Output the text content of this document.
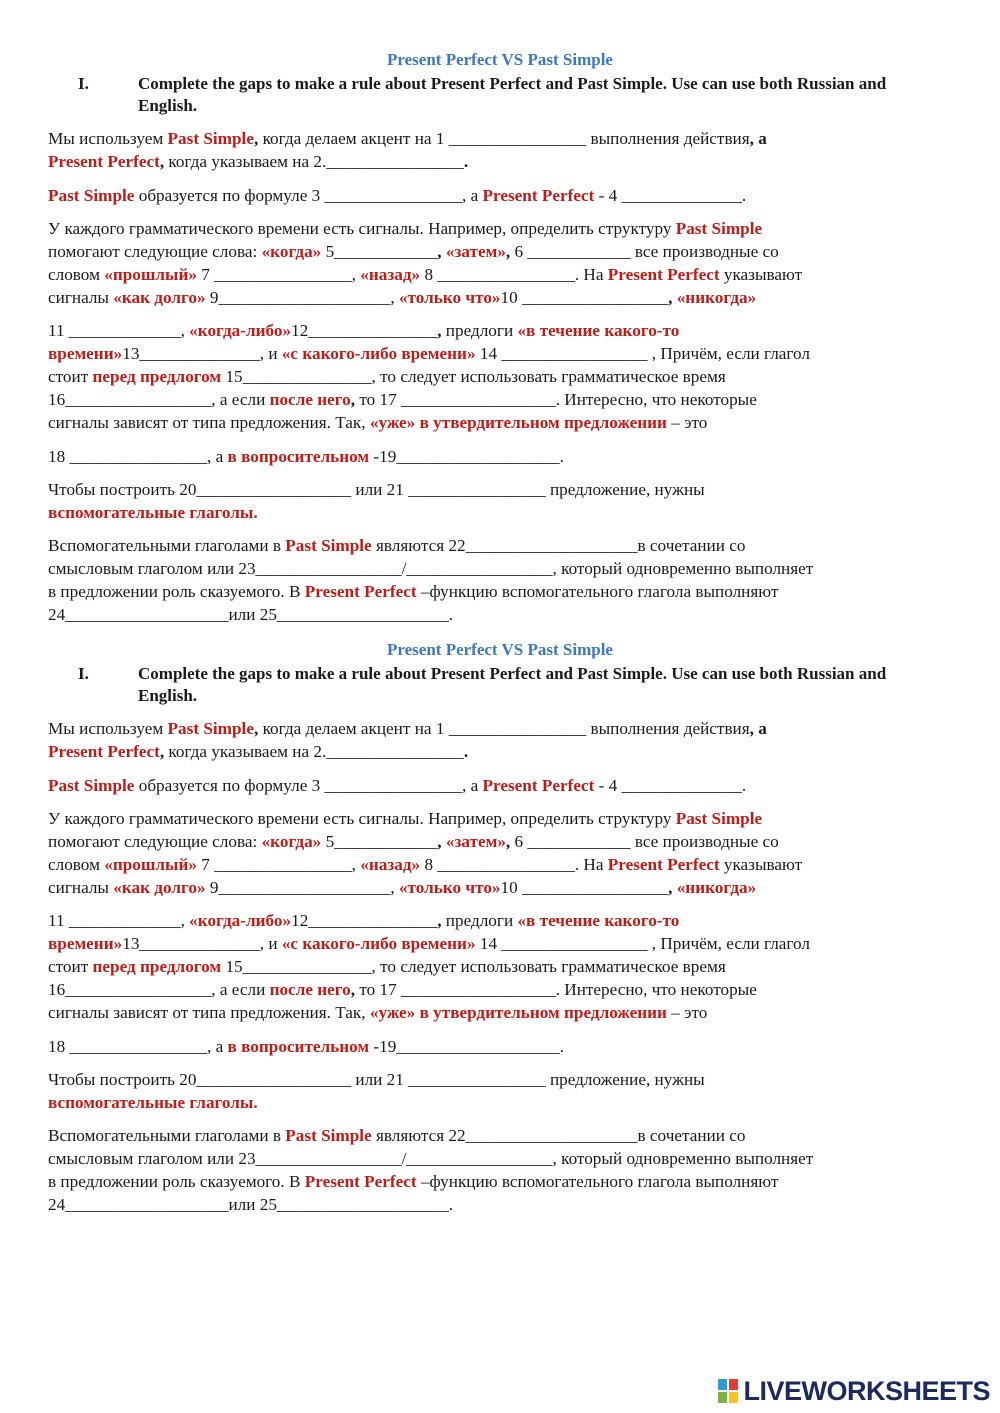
Present Perfect VS Past Simple
I.	Complete the gaps to make a rule about Present Perfect and Past Simple. Use can use both Russian and English.

Мы используем Past Simple, когда делаем акцент на 1 ________________ выполнения действия, а

Present Perfect, когда указываем на 2.________________.

Past Simple образуется по формуле 3 ________________, а Present Perfect - 4 ______________.

У каждого грамматического времени есть сигналы. Например, определить структуру Past Simple

помогают следующие слова: «когда» 5____________, «затем», 6 ____________ все производные со

словом «прошлый» 7 ________________, «назад» 8 ________________. На Present Perfect указывают

сигналы «как долго» 9____________________, «только что»10 _________________, «никогда»

11 _____________, «когда-либо»12_______________, предлоги «в течение какого-то

времени»13______________, и «с какого-либо времени» 14 _________________ , Причём, если глагол

стоит перед предлогом 15_______________, то следует использовать грамматическое время

16_________________, а если после него, то 17 __________________. Интересно, что некоторые

сигналы зависят от типа предложения. Так, «уже» в утвердительном предложении – это

18 ________________, а в вопросительном -19___________________.

Чтобы построить 20__________________ или 21 ________________ предложение, нужны

вспомогательные глаголы.

Вспомогательными глаголами в Past Simple являются 22____________________в сочетании со

смысловым глаголом или 23_________________/_________________, который одновременно выполняет

в предложении роль сказуемого. В Present Perfect –функцию вспомогательного глагола выполняют

24___________________или 25____________________.

Present Perfect VS Past Simple
I.	Complete the gaps to make a rule about Present Perfect and Past Simple. Use can use both Russian and English.

Мы используем Past Simple, когда делаем акцент на 1 ________________ выполнения действия, а

Present Perfect, когда указываем на 2.________________.

Past Simple образуется по формуле 3 ________________, а Present Perfect - 4 ______________.

У каждого грамматического времени есть сигналы. Например, определить структуру Past Simple

помогают следующие слова: «когда» 5____________, «затем», 6 ____________ все производные со

словом «прошлый» 7 ________________, «назад» 8 ________________. На Present Perfect указывают

сигналы «как долго» 9____________________, «только что»10 _________________, «никогда»

11 _____________, «когда-либо»12_______________, предлоги «в течение какого-то

времени»13______________, и «с какого-либо времени» 14 _________________ , Причём, если глагол

стоит перед предлогом 15_______________, то следует использовать грамматическое время

16_________________, а если после него, то 17 __________________. Интересно, что некоторые

сигналы зависят от типа предложения. Так, «уже» в утвердительном предложении – это

18 ________________, а в вопросительном -19___________________.

Чтобы построить 20__________________ или 21 ________________ предложение, нужны

вспомогательные глаголы.

Вспомогательными глаголами в Past Simple являются 22____________________в сочетании со

смысловым глаголом или 23_________________/_________________, который одновременно выполняет

в предложении роль сказуемого. В Present Perfect –функцию вспомогательного глагола выполняют

24___________________или 25____________________.

LIVEWORKSHEETS
